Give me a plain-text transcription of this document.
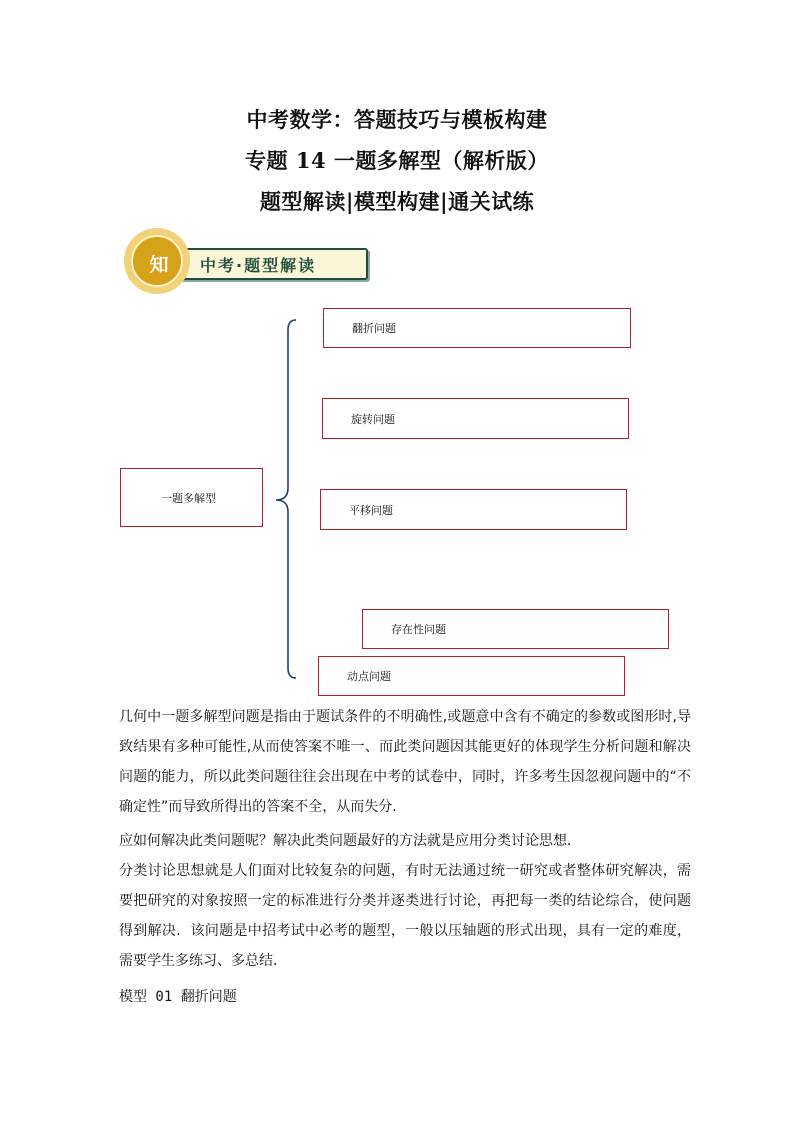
中考数学：答题技巧与模板构建
专题 14 一题多解型（解析版）
题型解读|模型构建|通关试练
中考·题型解读
知
一题多解型
翻折问题
旋转问题
平移问题
存在性问题
动点问题

几何中一题多解型问题是指由于题试条件的不明确性,或题意中含有不确定的参数或图形时,导致结果有多种可能性,从而使答案不唯一、而此类问题因其能更好的体现学生分析问题和解决问题的能力，所以此类问题往往会出现在中考的试卷中，同时，许多考生因忽视问题中的“不确定性”而导致所得出的答案不全，从而失分．

应如何解决此类问题呢？解决此类问题最好的方法就是应用分类讨论思想．

分类讨论思想就是人们面对比较复杂的问题，有时无法通过统一研究或者整体研究解决，需要把研究的对象按照一定的标准进行分类并逐类进行讨论，再把每一类的结论综合，使问题得到解决．该问题是中招考试中必考的题型，一般以压轴题的形式出现，具有一定的难度，需要学生多练习、多总结．

模型 01 翻折问题
